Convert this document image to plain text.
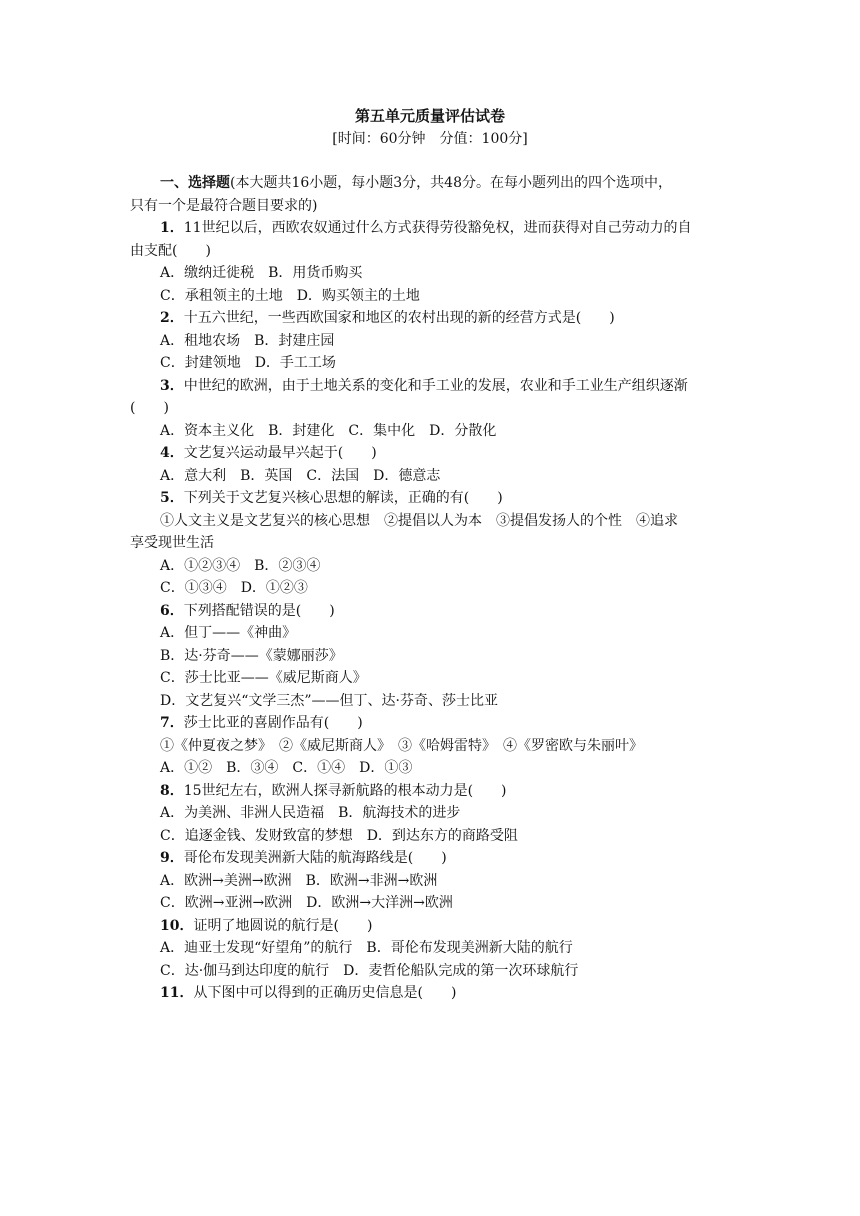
第五单元质量评估试卷
[时间：60分钟　分值：100分]
一、选择题(本大题共16小题，每小题3分，共48分。在每小题列出的四个选项中，
只有一个是最符合题目要求的)
1．11世纪以后，西欧农奴通过什么方式获得劳役豁免权，进而获得对自己劳动力的自
由支配(　　)
A．缴纳迁徙税　B．用货币购买
C．承租领主的土地　D．购买领主的土地
2．十五六世纪，一些西欧国家和地区的农村出现的新的经营方式是(　　)
A．租地农场　B．封建庄园
C．封建领地　D．手工工场
3．中世纪的欧洲，由于土地关系的变化和手工业的发展，农业和手工业生产组织逐渐
(　　)
A．资本主义化　B．封建化　C．集中化　D．分散化
4．文艺复兴运动最早兴起于(　　)
A．意大利　B．英国　C．法国　D．德意志
5．下列关于文艺复兴核心思想的解读，正确的有(　　)
①人文主义是文艺复兴的核心思想　②提倡以人为本　③提倡发扬人的个性　④追求
享受现世生活
A．①②③④　B．②③④
C．①③④　D．①②③
6．下列搭配错误的是(　　)
A．但丁——《神曲》
B．达·芬奇——《蒙娜丽莎》
C．莎士比亚——《威尼斯商人》
D．文艺复兴“文学三杰”——但丁、达·芬奇、莎士比亚
7．莎士比亚的喜剧作品有(　　)
①《仲夏夜之梦》　②《威尼斯商人》　③《哈姆雷特》　④《罗密欧与朱丽叶》
A．①②　B．③④　C．①④　D．①③
8．15世纪左右，欧洲人探寻新航路的根本动力是(　　)
A．为美洲、非洲人民造福　B．航海技术的进步
C．追逐金钱、发财致富的梦想　D．到达东方的商路受阻
9．哥伦布发现美洲新大陆的航海路线是(　　)
A．欧洲→美洲→欧洲　B．欧洲→非洲→欧洲
C．欧洲→亚洲→欧洲　D．欧洲→大洋洲→欧洲
10．证明了地圆说的航行是(　　)
A．迪亚士发现“好望角”的航行　B．哥伦布发现美洲新大陆的航行
C．达·伽马到达印度的航行　D．麦哲伦船队完成的第一次环球航行
11．从下图中可以得到的正确历史信息是(　　)
